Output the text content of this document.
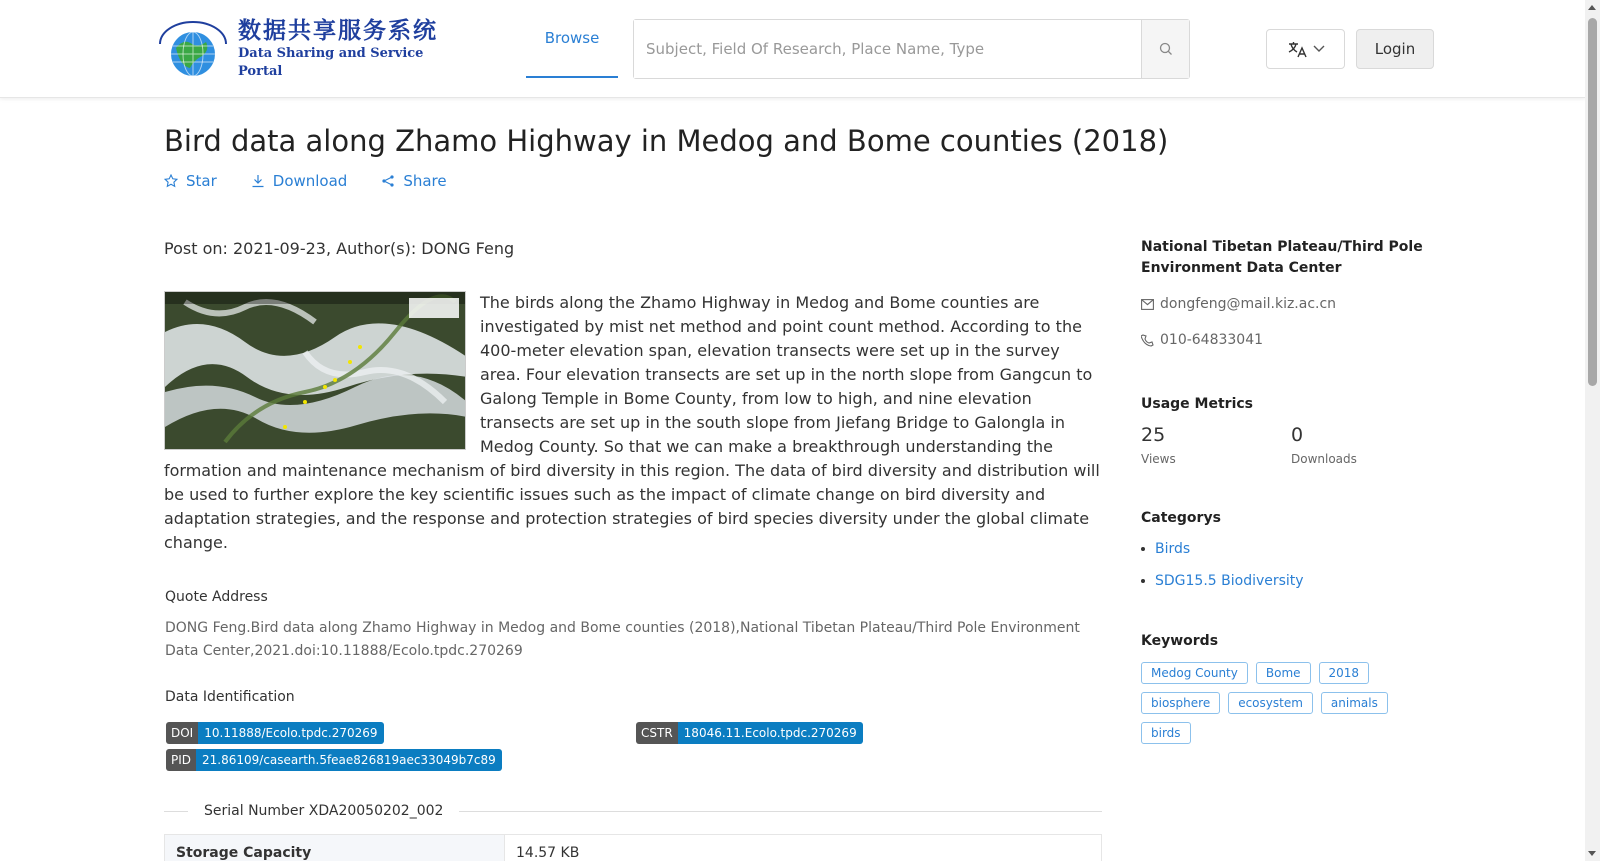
数据共享服务系统
Data Sharing and Service Portal
Browse
Subject, Field Of Research, Place Name, Type
Login
Bird data along Zhamo Highway in Medog and Bome counties (2018)
Star	Download	Share
Post on: 2021-09-23, Author(s): DONG Feng
The birds along the Zhamo Highway in Medog and Bome counties are investigated by mist net method and point count method. According to the 400-meter elevation span, elevation transects were set up in the survey area. Four elevation transects are set up in the north slope from Gangcun to Galong Temple in Bome County, from low to high, and nine elevation transects are set up in the south slope from Jiefang Bridge to Galongla in Medog County. So that we can make a breakthrough understanding the formation and maintenance mechanism of bird diversity in this region. The data of bird diversity and distribution will be used to further explore the key scientific issues such as the impact of climate change on bird diversity and adaptation strategies, and the response and protection strategies of bird species diversity under the global climate change.
Quote Address
DONG Feng.Bird data along Zhamo Highway in Medog and Bome counties (2018),National Tibetan Plateau/Third Pole Environment Data Center,2021.doi:10.11888/Ecolo.tpdc.270269
Data Identification
DOI 10.11888/Ecolo.tpdc.270269	CSTR 18046.11.Ecolo.tpdc.270269
PID 21.86109/casearth.5feae826819aec33049b7c89
Serial Number XDA20050202_002
Storage Capacity	14.57 KB
National Tibetan Plateau/Third Pole Environment Data Center
dongfeng@mail.kiz.ac.cn
010-64833041
Usage Metrics
25
Views
0
Downloads
Categorys
Birds
SDG15.5 Biodiversity
Keywords
Medog County Bome 2018
biosphere ecosystem animals
birds
